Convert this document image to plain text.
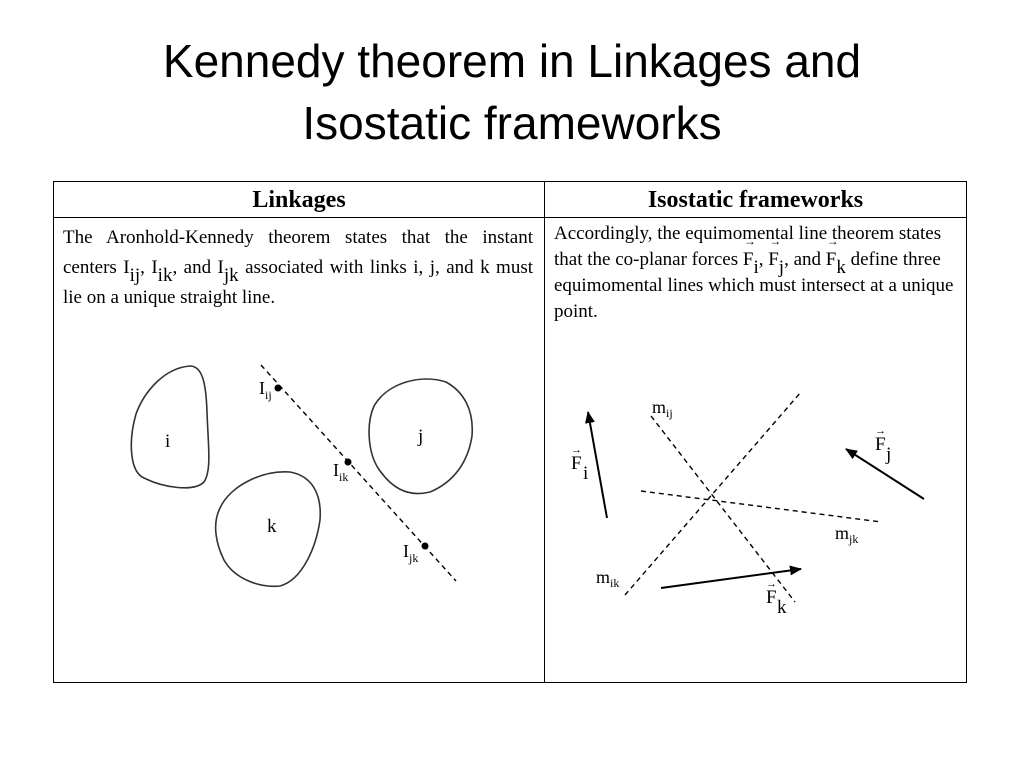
Kennedy theorem in Linkages and
Isostatic frameworks
Linkages	Isostatic frameworks
The Aronhold-Kennedy theorem states that the instant centers Iij, Iik, and Ijk associated with links i, j, and k must lie on a unique straight line.
Accordingly, the equimomental line theorem states that the co-planar forces → Fi, → Fj, and → Fk define three equimomental lines which must intersect at a unique point.
i	j
k
$I_{ij}$
$I_{ik}$
$I_{jk}$
$m_{ij}$
$m_{jk}$
$m_{ik}$
→
F i
→
F j
→
F k
